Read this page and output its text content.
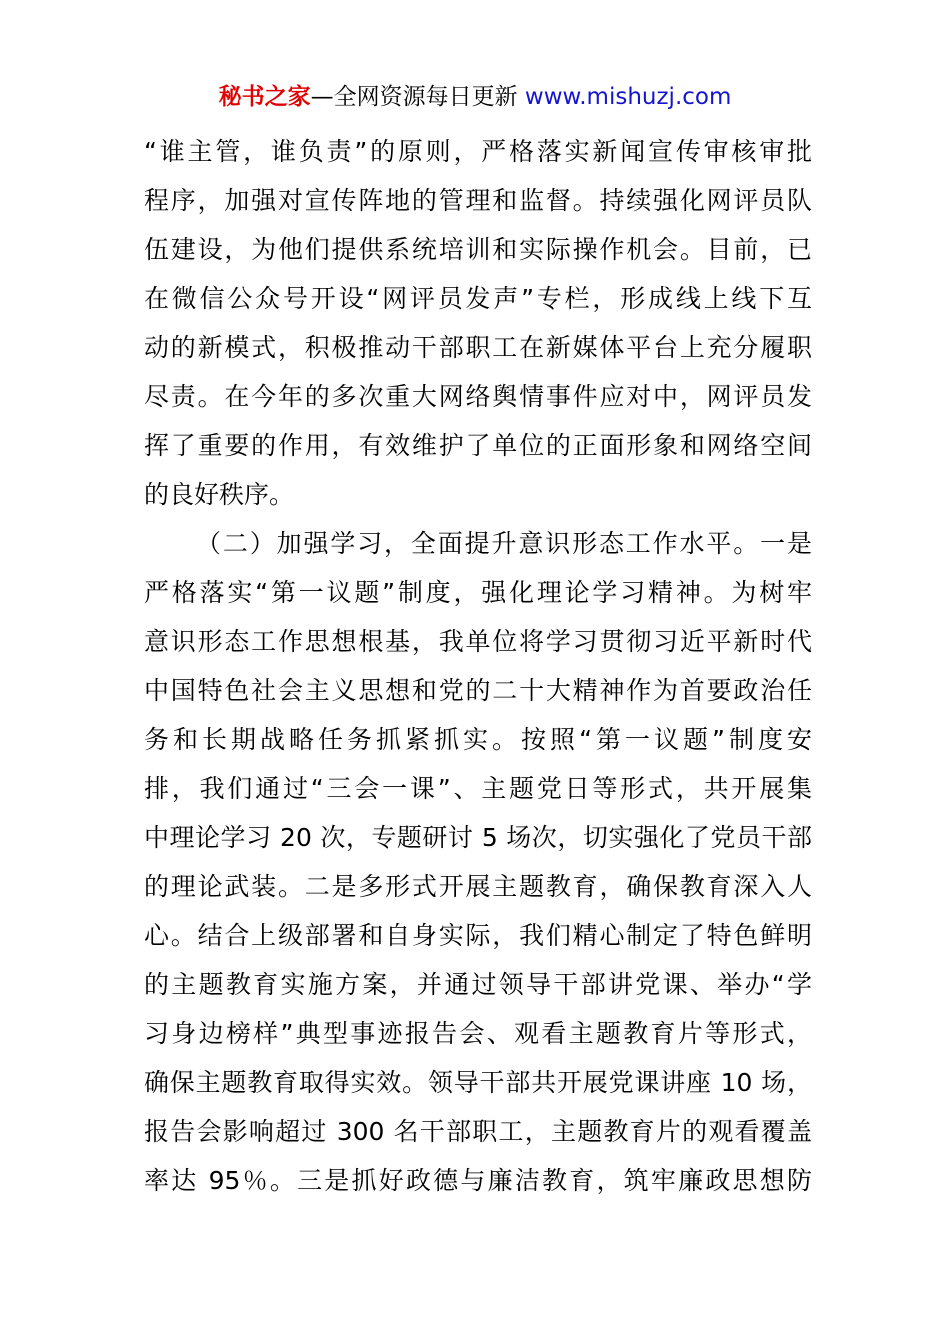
秘书之家—全网资源每日更新 www.mishuzj.com
“谁主管，谁负责”的原则，严格落实新闻宣传审核审批
程序，加强对宣传阵地的管理和监督。持续强化网评员队
伍建设，为他们提供系统培训和实际操作机会。目前，已
在微信公众号开设“网评员发声”专栏，形成线上线下互
动的新模式，积极推动干部职工在新媒体平台上充分履职
尽责。在今年的多次重大网络舆情事件应对中，网评员发
挥了重要的作用，有效维护了单位的正面形象和网络空间
的良好秩序。
（二）加强学习，全面提升意识形态工作水平。一是
严格落实“第一议题”制度，强化理论学习精神。为树牢
意识形态工作思想根基，我单位将学习贯彻习近平新时代
中国特色社会主义思想和党的二十大精神作为首要政治任
务和长期战略任务抓紧抓实。按照“第一议题”制度安
排，我们通过“三会一课”、主题党日等形式，共开展集
中理论学习 20 次，专题研讨 5 场次，切实强化了党员干部
的理论武装。二是多形式开展主题教育，确保教育深入人
心。结合上级部署和自身实际，我们精心制定了特色鲜明
的主题教育实施方案，并通过领导干部讲党课、举办“学
习身边榜样”典型事迹报告会、观看主题教育片等形式，
确保主题教育取得实效。领导干部共开展党课讲座 10 场，
报告会影响超过 300 名干部职工，主题教育片的观看覆盖
率达 95％。三是抓好政德与廉洁教育，筑牢廉政思想防
